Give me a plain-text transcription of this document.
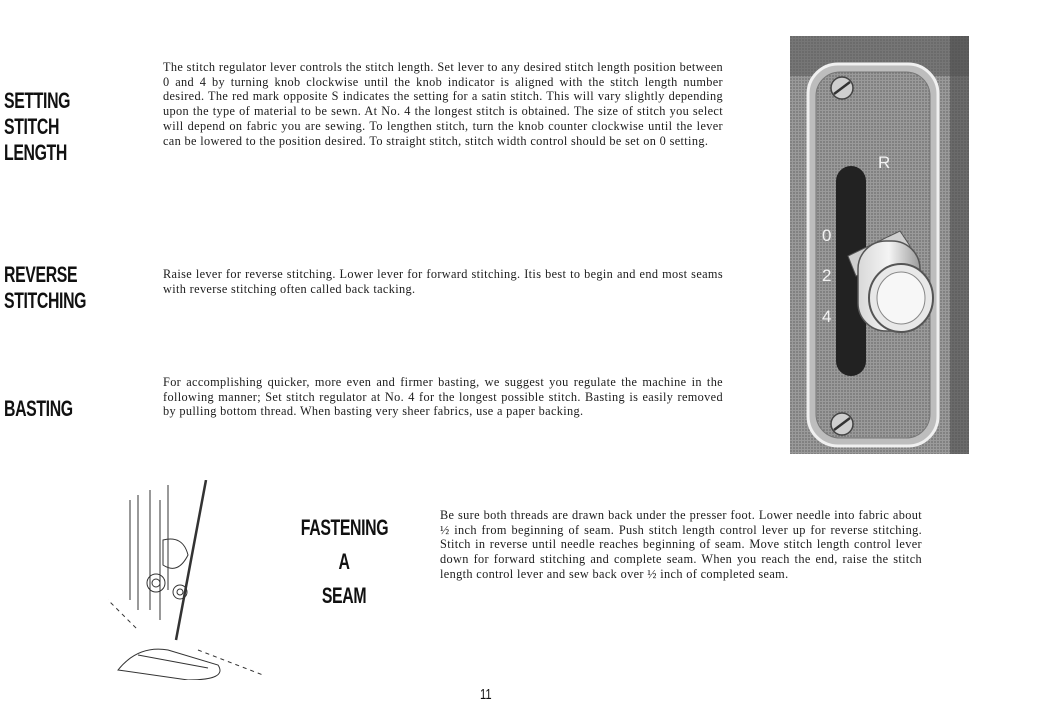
SETTING
STITCH
LENGTH

The stitch regulator lever controls the stitch length. Set lever to any desired stitch length position between 0 and 4 by turning knob clockwise until the knob indicator is aligned with the stitch length number desired. The red mark opposite S indicates the setting for a satin stitch. This will vary slightly depending upon the type of material to be sewn. At No. 4 the longest stitch is obtained. The size of stitch you select will depend on fabric you are sewing. To lengthen stitch, turn the knob counter clockwise until the lever can be lowered to the position desired. To straight stitch, stitch width control should be set on 0 setting.

REVERSE
STITCHING

Raise lever for reverse stitching. Lower lever for forward stitching. Itis best to begin and end most seams with reverse stitching often called back tacking.

BASTING

For accomplishing quicker, more even and firmer basting, we suggest you regulate the machine in the following manner; Set stitch regulator at No. 4 for the longest possible stitch. Basting is easily removed by pulling bottom thread. When basting very sheer fabrics, use a paper backing.

R
0
2
4
FASTENING
A
SEAM

Be sure both threads are drawn back under the presser foot. Lower needle into fabric about ½ inch from beginning of seam. Push stitch length control lever up for reverse stitching. Stitch in reverse until needle reaches beginning of seam. Move stitch length control lever down for forward stitching and complete seam. When you reach the end, raise the stitch length control lever and sew back over ½ inch of completed seam.

11
